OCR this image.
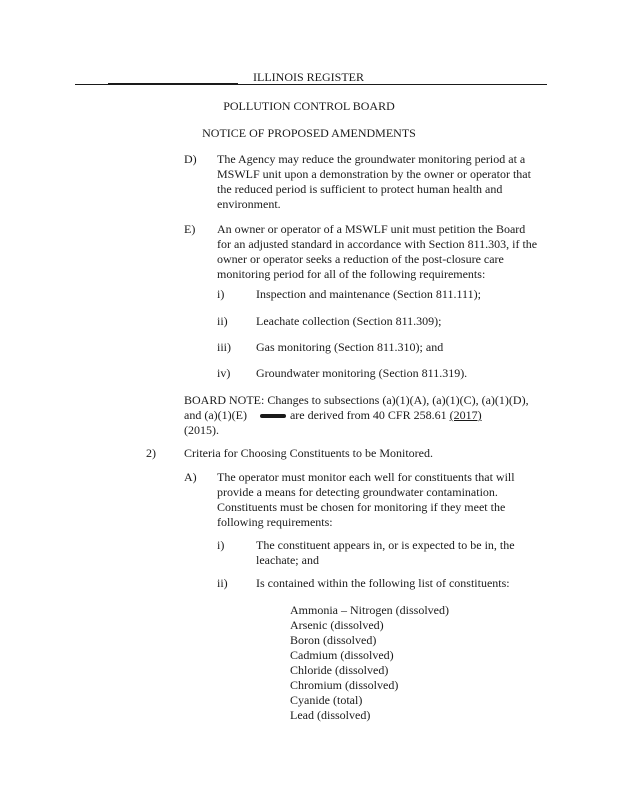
ILLINOIS REGISTER
POLLUTION CONTROL BOARD
NOTICE OF PROPOSED AMENDMENTS
D) The Agency may reduce the groundwater monitoring period at a
MSWLF unit upon a demonstration by the owner or operator that
the reduced period is sufficient to protect human health and
environment.
E) An owner or operator of a MSWLF unit must petition the Board
for an adjusted standard in accordance with Section 811.303, if the
owner or operator seeks a reduction of the post-closure care
monitoring period for all of the following requirements:
i)	Inspection and maintenance (Section 811.111);
ii) Leachate collection (Section 811.309);
iii) Gas monitoring (Section 811.310); and
iv) Groundwater monitoring (Section 811.319).
BOARD NOTE: Changes to subsections (a)(1)(A), (a)(1)(C), (a)(1)(D),
and (a)(1)(E)	are derived from 40 CFR 258.61 (2017)
(2015).
2) Criteria for Choosing Constituents to be Monitored.
A) The operator must monitor each well for constituents that will
provide a means for detecting groundwater contamination.
Constituents must be chosen for monitoring if they meet the
following requirements:
i)	The constituent appears in, or is expected to be in, the
leachate; and
ii) Is contained within the following list of constituents:
Ammonia – Nitrogen (dissolved)
Arsenic (dissolved)
Boron (dissolved)
Cadmium (dissolved)
Chloride (dissolved)
Chromium (dissolved)
Cyanide (total)
Lead (dissolved)
